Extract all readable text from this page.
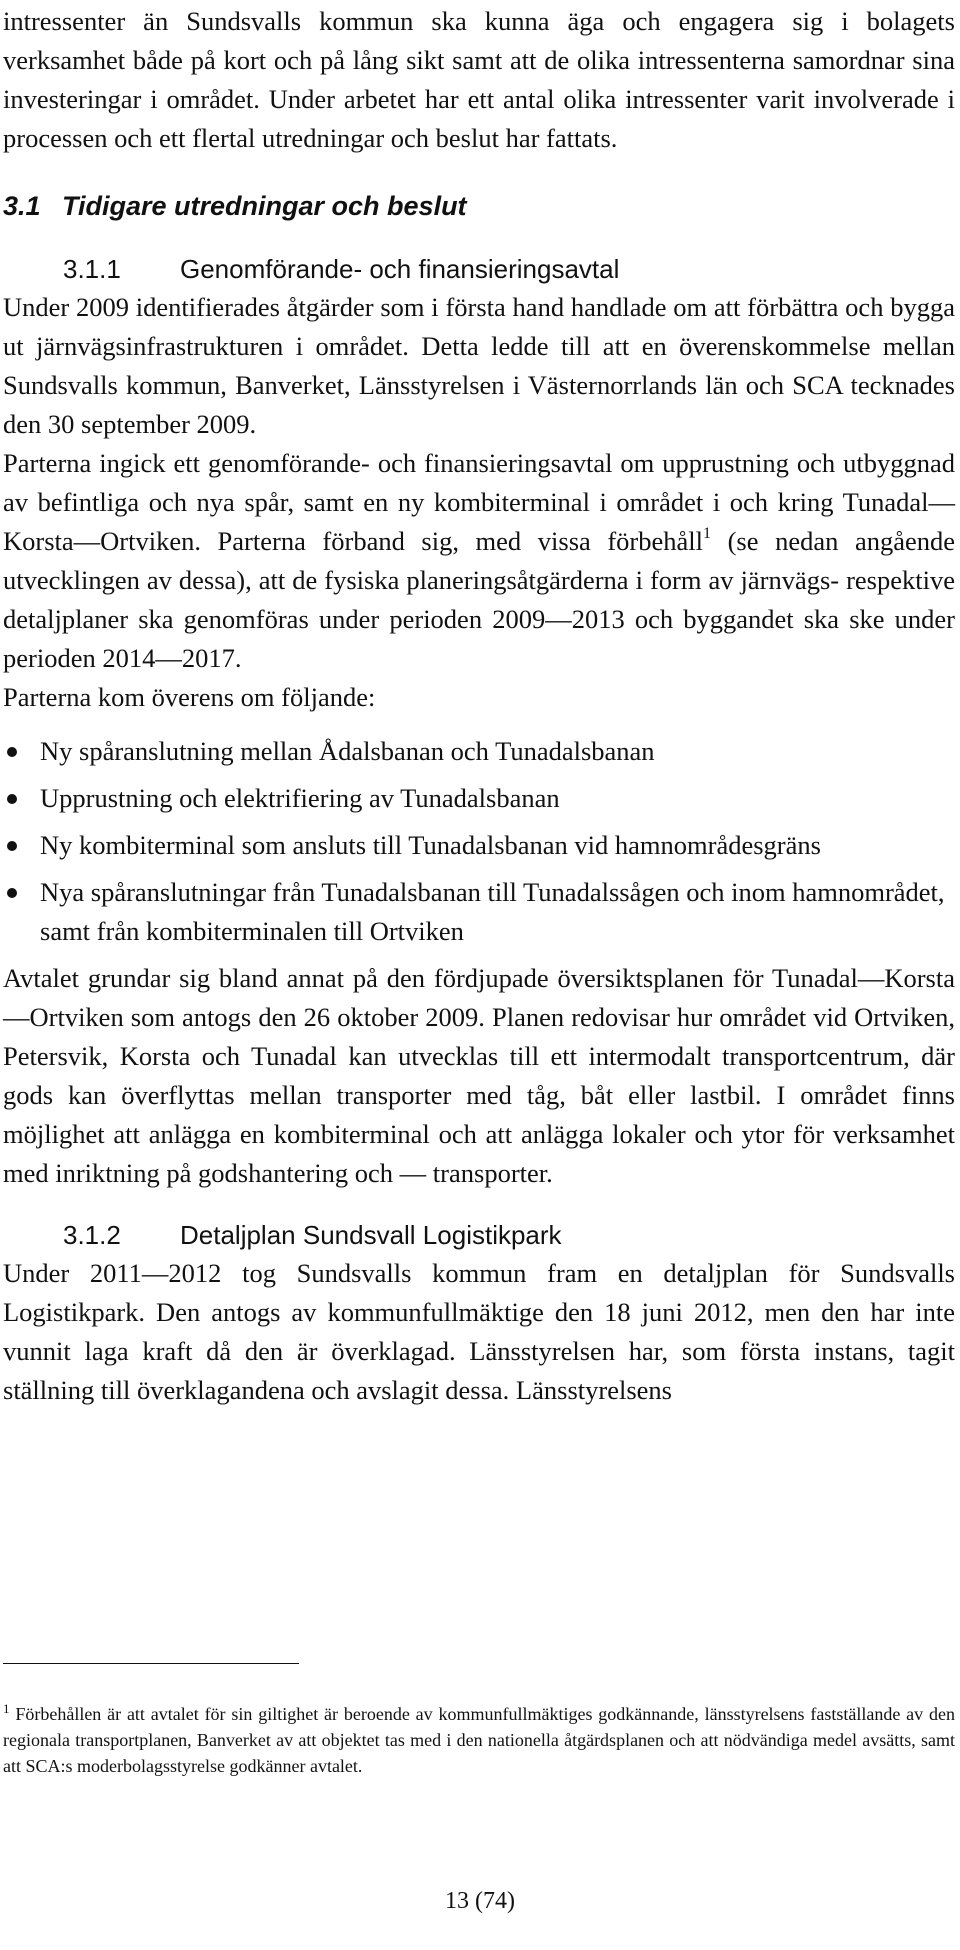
intressenter än Sundsvalls kommun ska kunna äga och engagera sig i bolagets verksamhet både på kort och på lång sikt samt att de olika intressenterna samordnar sina investeringar i området. Under arbetet har ett antal olika intressenter varit involverade i processen och ett flertal utredningar och beslut har fattats.

3.1 Tidigare utredningar och beslut
3.1.1 Genomförande- och finansieringsavtal

Under 2009 identifierades åtgärder som i första hand handlade om att förbättra och bygga ut järnvägsinfrastrukturen i området. Detta ledde till att en överenskommelse mellan Sundsvalls kommun, Banverket, Länsstyrelsen i Västernorrlands län och SCA tecknades den 30 september 2009.

Parterna ingick ett genomförande- och finansieringsavtal om upprustning och utbyggnad av befintliga och nya spår, samt en ny kombiterminal i området i och kring Tunadal—Korsta—Ortviken. Parterna förband sig, med vissa förbehåll$^1$ (se nedan angående utvecklingen av dessa), att de fysiska planeringsåtgärderna i form av järnvägs- respektive detaljplaner ska genomföras under perioden 2009—2013 och byggandet ska ske under perioden 2014—2017.

Parterna kom överens om följande:

Ny spåranslutning mellan Ådalsbanan och Tunadalsbanan
Upprustning och elektrifiering av Tunadalsbanan
Ny kombiterminal som ansluts till Tunadalsbanan vid hamnområdesgräns
Nya spåranslutningar från Tunadalsbanan till Tunadalssågen och inom hamnområdet, samt från kombiterminalen till Ortviken

Avtalet grundar sig bland annat på den fördjupade översiktsplanen för Tunadal—Korsta—Ortviken som antogs den 26 oktober 2009. Planen redovisar hur området vid Ortviken, Petersvik, Korsta och Tunadal kan utvecklas till ett intermodalt transportcentrum, där gods kan överflyttas mellan transporter med tåg, båt eller lastbil. I området finns möjlighet att anlägga en kombiterminal och att anlägga lokaler och ytor för verksamhet med inriktning på godshantering och — transporter.

3.1.2 Detaljplan Sundsvall Logistikpark

Under 2011—2012 tog Sundsvalls kommun fram en detaljplan för Sundsvalls Logistikpark. Den antogs av kommunfullmäktige den 18 juni 2012, men den har inte vunnit laga kraft då den är överklagad. Länsstyrelsen har, som första instans, tagit ställning till överklagandena och avslagit dessa. Länsstyrelsens

$^1$ Förbehållen är att avtalet för sin giltighet är beroende av kommunfullmäktiges godkännande, länsstyrelsens fastställande av den regionala transportplanen, Banverket av att objektet tas med i den nationella åtgärdsplanen och att nödvändiga medel avsätts, samt att SCA:s moderbolagsstyrelse godkänner avtalet.

13 (74)
